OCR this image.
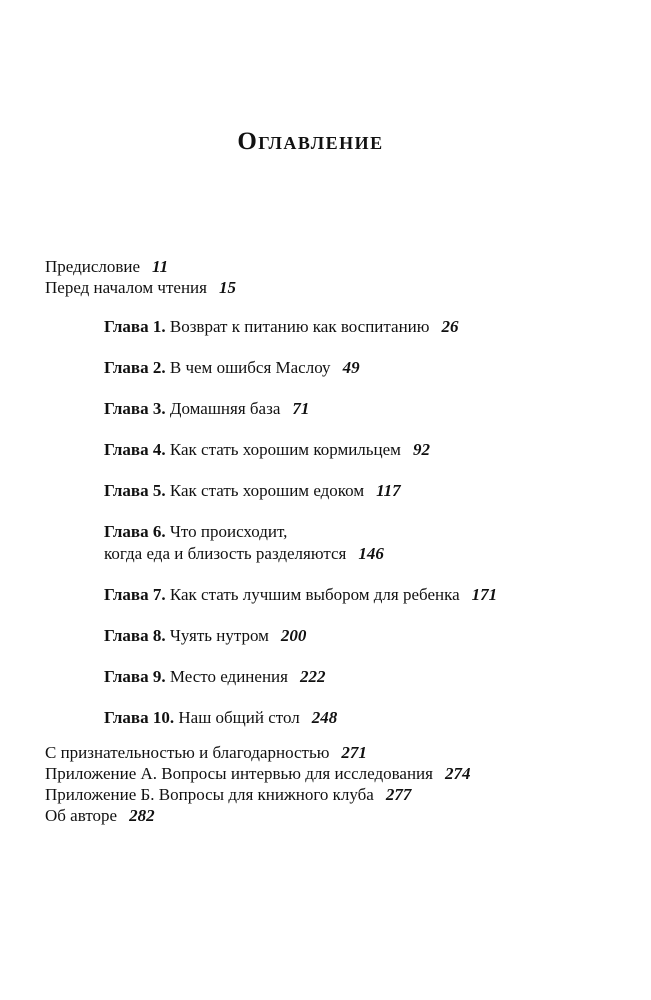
Оглавление
Предисловие 11
Перед началом чтения 15
Глава 1. Возврат к питанию как воспитанию 26
Глава 2. В чем ошибся Маслоу 49
Глава 3. Домашняя база 71
Глава 4. Как стать хорошим кормильцем 92
Глава 5. Как стать хорошим едоком 117
Глава 6. Что происходит,
когда еда и близость разделяются 146
Глава 7. Как стать лучшим выбором для ребенка 171
Глава 8. Чуять нутром 200
Глава 9. Место единения 222
Глава 10. Наш общий стол 248
С признательностью и благодарностью 271
Приложение А. Вопросы интервью для исследования 274
Приложение Б. Вопросы для книжного клуба 277
Об авторе 282
